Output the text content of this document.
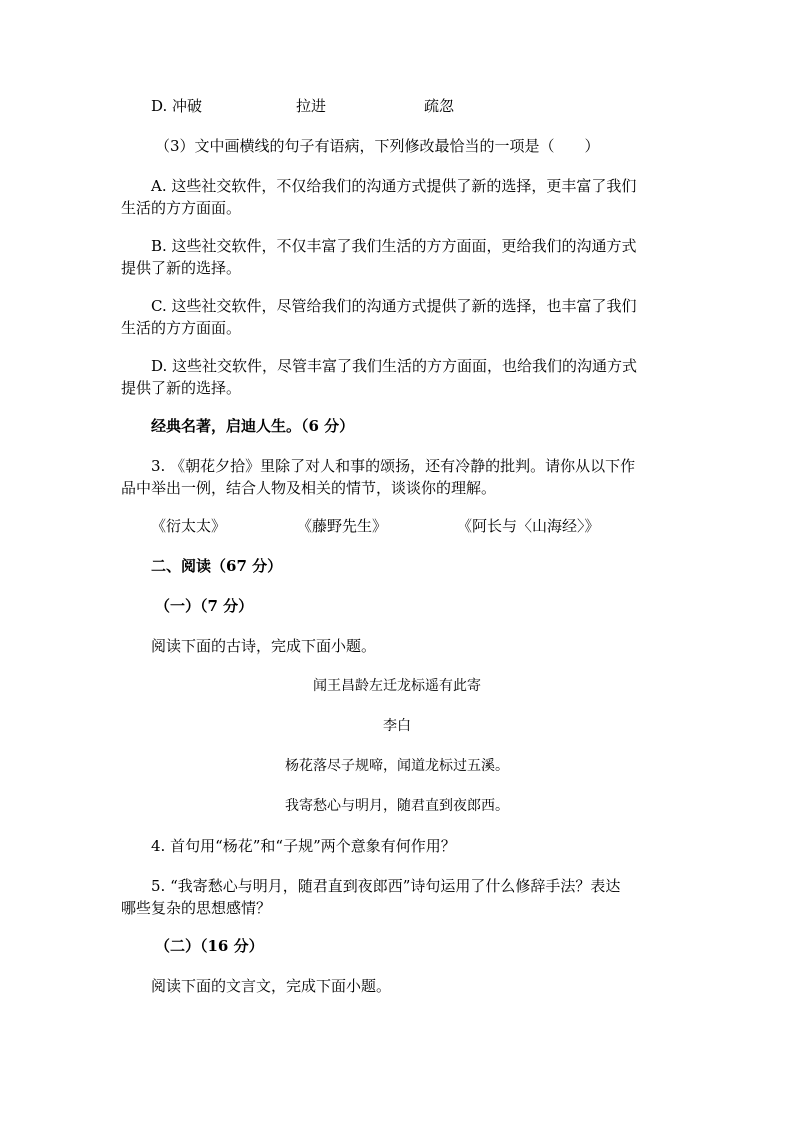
D. 冲破	拉进	疏忽
（3）文中画横线的句子有语病，下列修改最恰当的一项是（　　）
A. 这些社交软件，不仅给我们的沟通方式提供了新的选择，更丰富了我们
生活的方方面面。
B. 这些社交软件，不仅丰富了我们生活的方方面面，更给我们的沟通方式
提供了新的选择。
C. 这些社交软件，尽管给我们的沟通方式提供了新的选择，也丰富了我们
生活的方方面面。
D. 这些社交软件，尽管丰富了我们生活的方方面面，也给我们的沟通方式
提供了新的选择。
经典名著，启迪人生。（6 分）
3. 《朝花夕拾》里除了对人和事的颂扬，还有冷静的批判。请你从以下作
品中举出一例，结合人物及相关的情节，谈谈你的理解。
《衍太太》	《藤野先生》	《阿长与〈山海经〉》
二、阅读（67 分）
（一）（7 分）
阅读下面的古诗，完成下面小题。
闻王昌龄左迁龙标遥有此寄
李白
杨花落尽子规啼，闻道龙标过五溪。
我寄愁心与明月，随君直到夜郎西。
4. 首句用“杨花”和“子规”两个意象有何作用？
5. “我寄愁心与明月，随君直到夜郎西”诗句运用了什么修辞手法？表达
哪些复杂的思想感情？
（二）（16 分）
阅读下面的文言文，完成下面小题。
